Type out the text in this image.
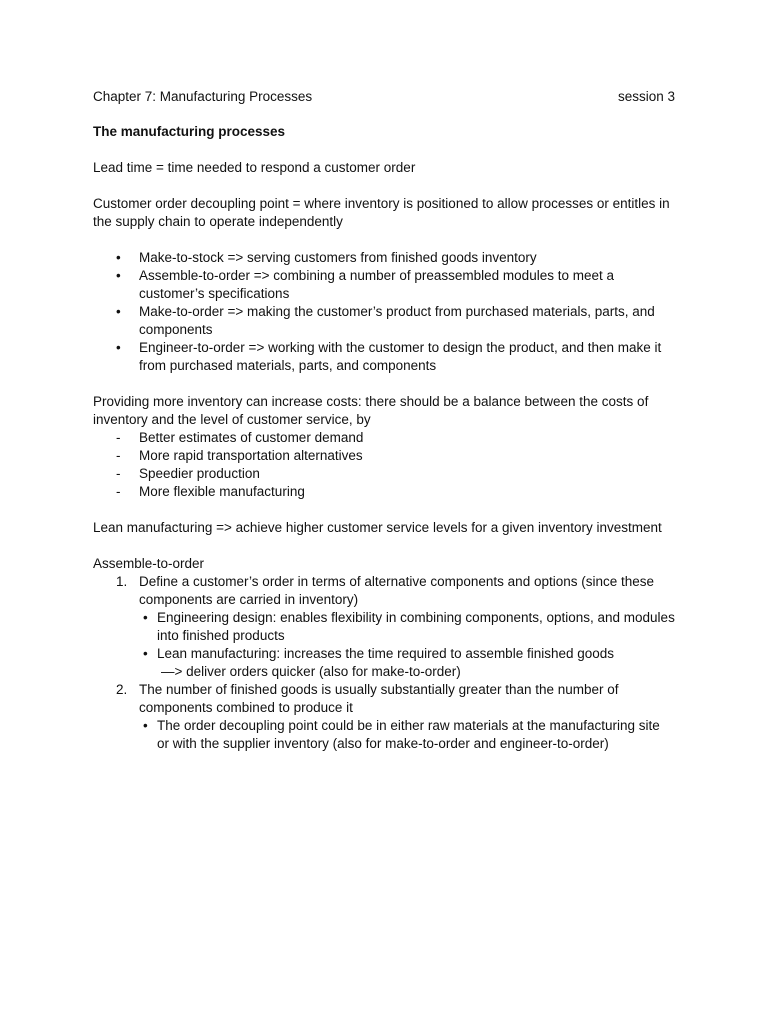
Chapter 7: Manufacturing Processes	session 3
The manufacturing processes
Lead time = time needed to respond a customer order
Customer order decoupling point = where inventory is positioned to allow processes or entitles in the supply chain to operate independently
• Make-to-stock => serving customers from finished goods inventory
• Assemble-to-order => combining a number of preassembled modules to meet a customer’s specifications
• Make-to-order => making the customer’s product from purchased materials, parts, and components
• Engineer-to-order => working with the customer to design the product, and then make it from purchased materials, parts, and components
Providing more inventory can increase costs: there should be a balance between the costs of inventory and the level of customer service, by
- Better estimates of customer demand
- More rapid transportation alternatives
- Speedier production
- More flexible manufacturing
Lean manufacturing => achieve higher customer service levels for a given inventory investment
Assemble-to-order
1. Define a customer’s order in terms of alternative components and options (since these components are carried in inventory)
• Engineering design: enables flexibility in combining components, options, and modules into finished products
• Lean manufacturing: increases the time required to assemble finished goods
—> deliver orders quicker (also for make-to-order)
2. The number of finished goods is usually substantially greater than the number of components combined to produce it
• The order decoupling point could be in either raw materials at the manufacturing site or with the supplier inventory (also for make-to-order and engineer-to-order)
